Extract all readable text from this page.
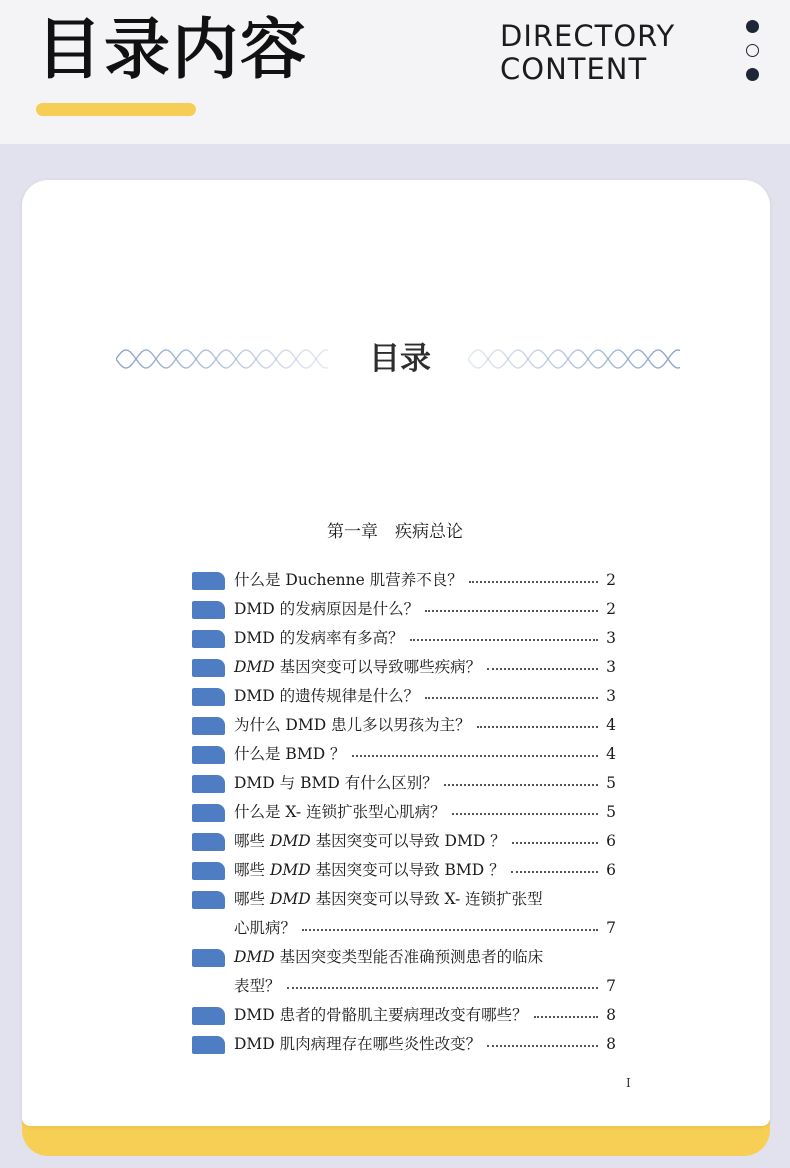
目录内容	DIRECTORY
CONTENT
目录
第一章　疾病总论
什么是 Duchenne 肌营养不良？	2
DMD 的发病原因是什么？	2
DMD 的发病率有多高？	3
DMD 基因突变可以导致哪些疾病？	3
DMD 的遗传规律是什么？	3
为什么 DMD 患儿多以男孩为主？	4
什么是 BMD ？	4
DMD 与 BMD 有什么区别？	5
什么是 X- 连锁扩张型心肌病？	5
哪些 DMD 基因突变可以导致 DMD ？	6
哪些 DMD 基因突变可以导致 BMD ？	6
哪些 DMD 基因突变可以导致 X- 连锁扩张型
心肌病？	7
DMD 基因突变类型能否准确预测患者的临床
表型？	7
DMD 患者的骨骼肌主要病理改变有哪些？	8
DMD 肌肉病理存在哪些炎性改变？	8
I
